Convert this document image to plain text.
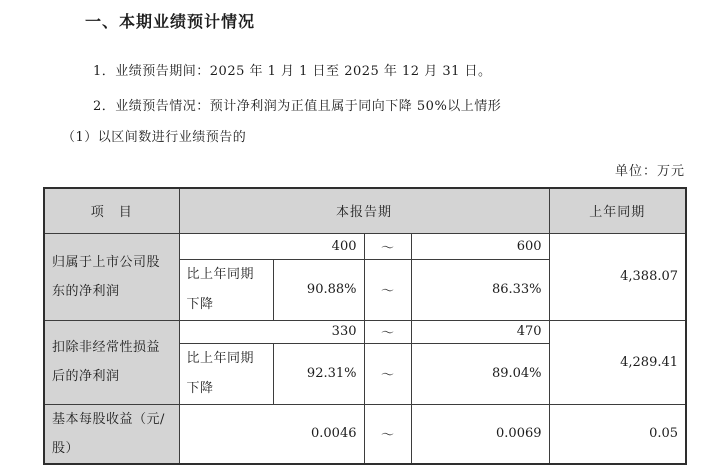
一、本期业绩预计情况
1．业绩预告期间：2025 年 1 月 1 日至 2025 年 12 月 31 日。
2．业绩预告情况：预计净利润为正值且属于同向下降 50%以上情形
（1）以区间数进行业绩预告的
单位：万元
项　目	本报告期				上年同期
归属于上市公司股东的净利润	400		～	600	4,388.07
	比上年同期下降	90.88%	～	86.33%	
扣除非经常性损益后的净利润	330		～	470	4,289.41
	比上年同期下降	92.31%	～	89.04%	
基本每股收益（元/股）	0.0046		～	0.0069	0.05
